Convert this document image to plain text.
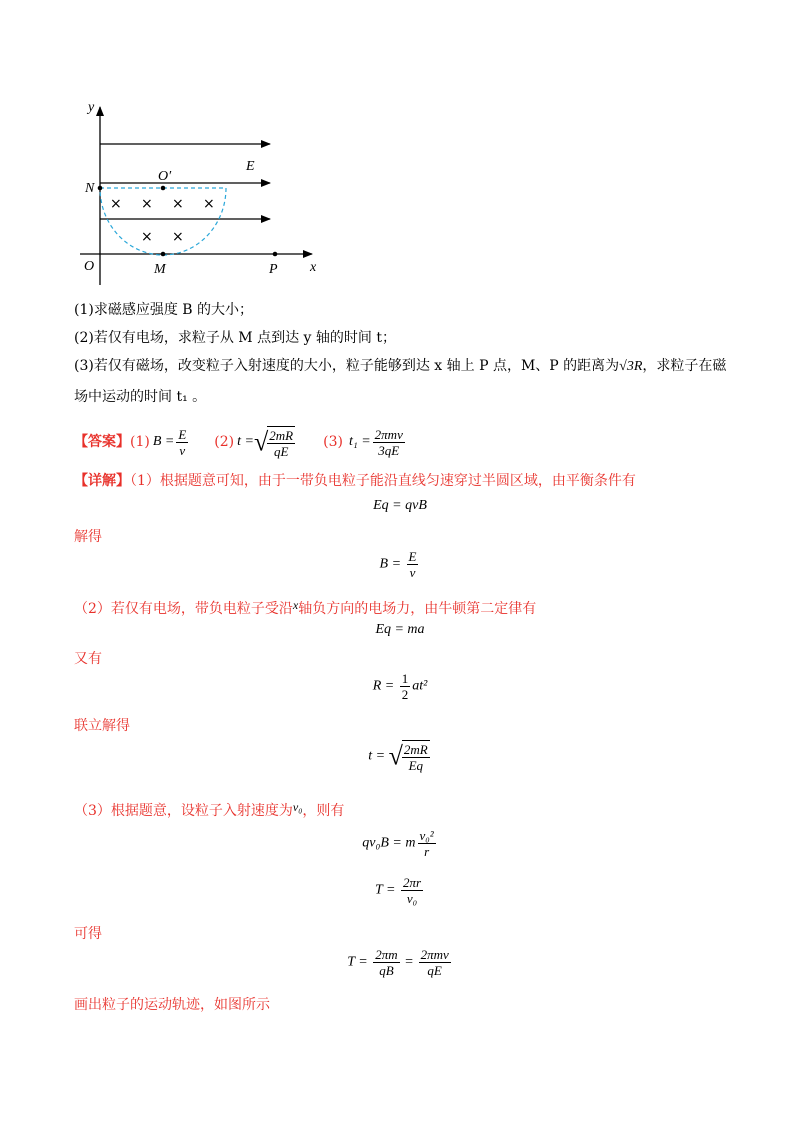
× × × ×
× ×
y
x
O
N
O′
M	P
E
(1)求磁感应强度 B 的大小；
(2)若仅有电场，求粒子从 M 点到达 y 轴的时间 t；
(3)若仅有磁场，改变粒子入射速度的大小，粒子能够到达 x 轴上 P 点，M、P 的距离为√3R，求粒子在磁
场中运动的时间 t₁ 。
【答案】 (1) $B = \frac{E}{v} (2) t$ = √ $\frac{2mR}{qE} (3) t_1 = \frac{\text{2πmv}}{3qE}$
【详解】（1）根据题意可知，由于一带负电粒子能沿直线匀速穿过半圆区域，由平衡条件有
Eq = qvB
解得
$B = \frac{E}{v}$
（2）若仅有电场，带负电粒子受沿x轴负方向的电场力，由牛顿第二定律有
Eq = ma
又有
$R = \frac{1}{2} at^2$
联立解得
t = √ $\frac{2mR}{Eq}$
（3）根据题意，设粒子入射速度为v₀，则有
qv₀B = m $\frac{\text{v₀²}}{r}$
$T = \frac{2\pi r}{\text{v₀}}$
可得
$T = \frac{2\pi m}{qB} = \frac{\text{2πmv}}{qE}$
画出粒子的运动轨迹，如图所示
